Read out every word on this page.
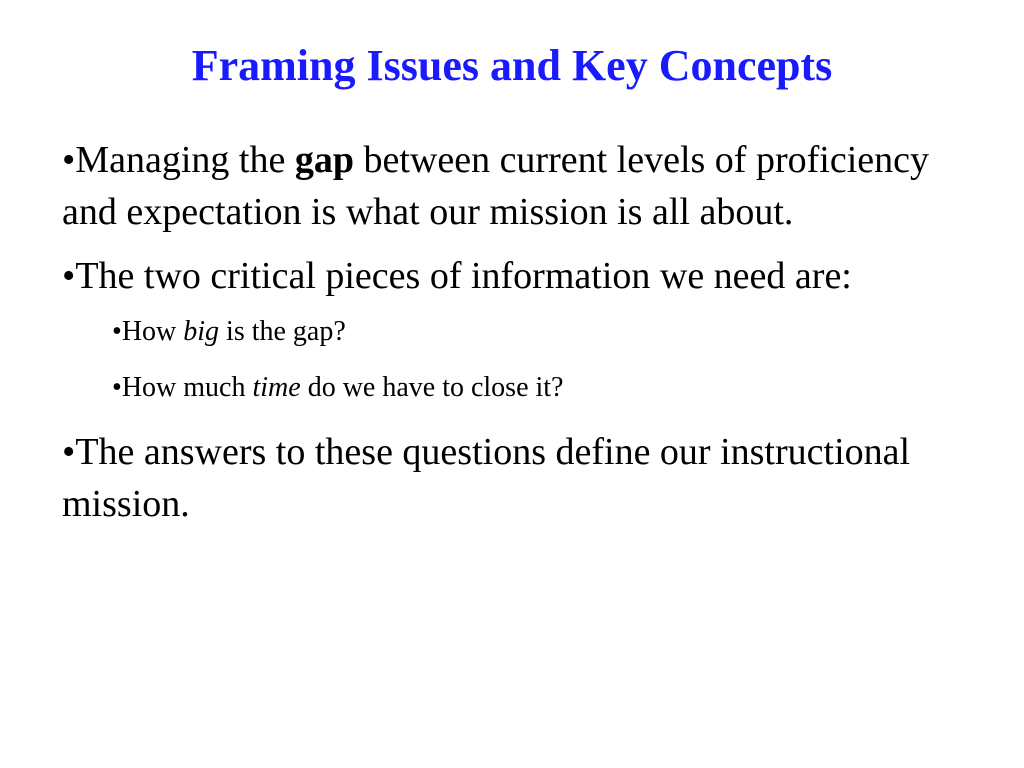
Framing Issues and Key Concepts

•Managing the gap between current levels of proficiency and expectation is what our mission is all about.

•The two critical pieces of information we need are:

•How big is the gap?

•How much time do we have to close it?

•The answers to these questions define our instructional mission.
